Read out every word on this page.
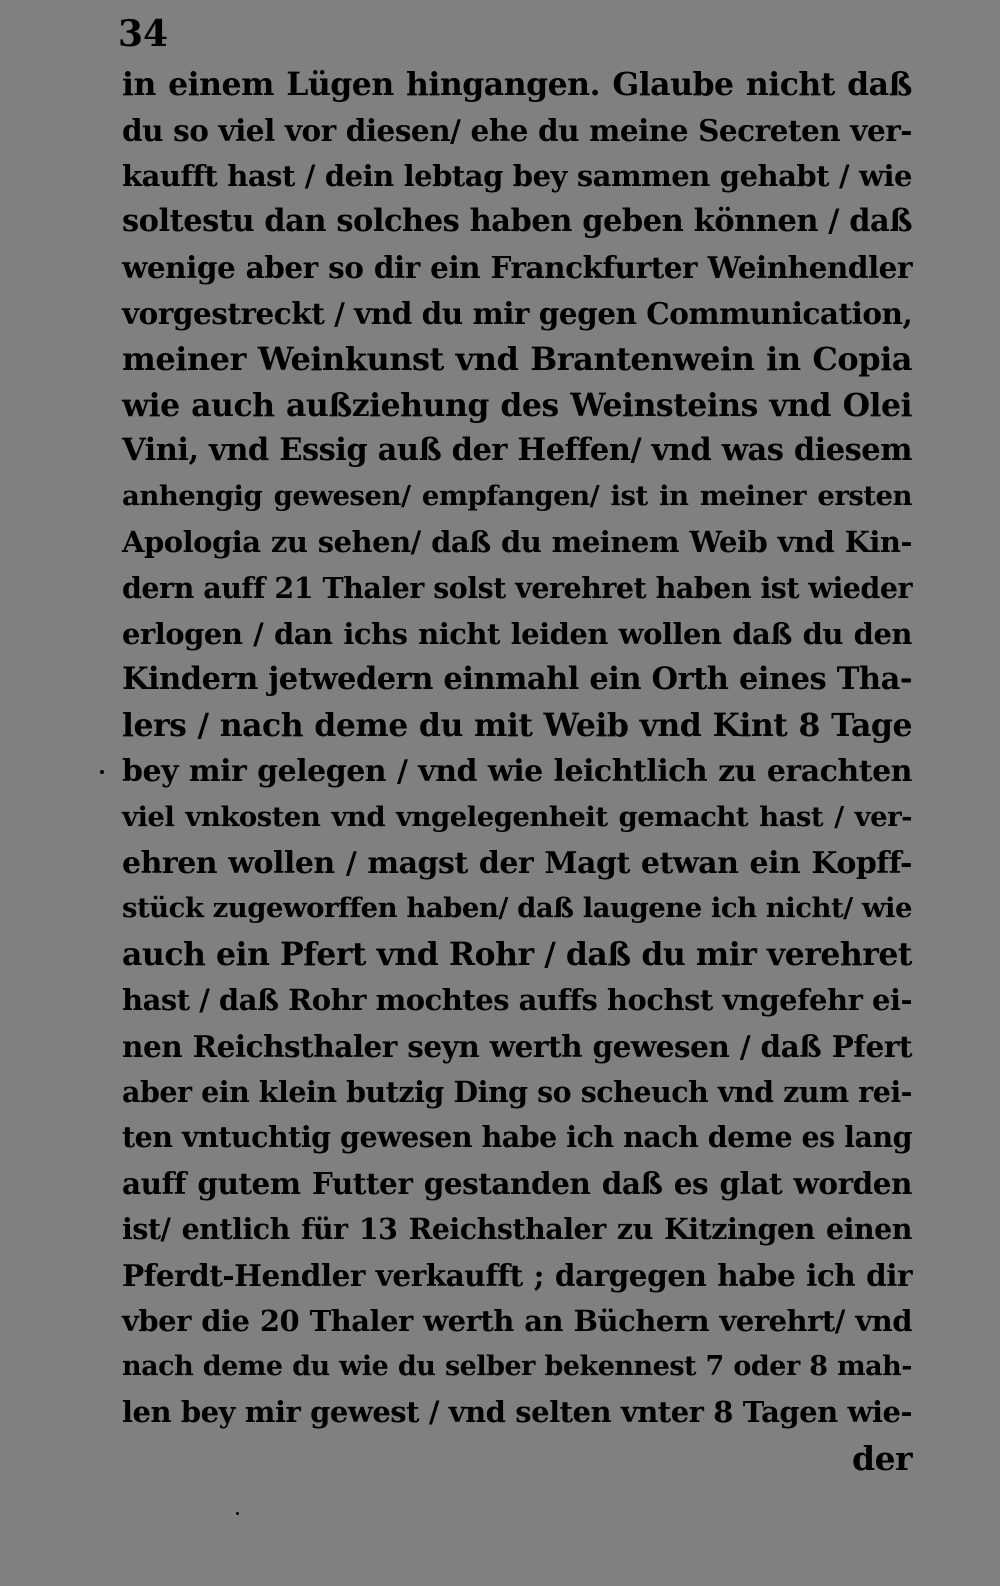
34
in einem Lügen hingangen. Glaube nicht daß
du so viel vor diesen/ ehe du meine Secreten ver-
kaufft hast / dein lebtag bey sammen gehabt / wie
soltestu dan solches haben geben können / daß
wenige aber so dir ein Franckfurter Weinhendler
vorgestreckt / vnd du mir gegen Communication,
meiner Weinkunst vnd Brantenwein in Copia
wie auch außziehung des Weinsteins vnd Olei
Vini, vnd Essig auß der Heffen/ vnd was diesem
anhengig gewesen/ empfangen/ ist in meiner ersten
Apologia zu sehen/ daß du meinem Weib vnd Kin-
dern auff 21 Thaler solst verehret haben ist wieder
erlogen / dan ichs nicht leiden wollen daß du den
Kindern jetwedern einmahl ein Orth eines Tha-
lers / nach deme du mit Weib vnd Kint 8 Tage
bey mir gelegen / vnd wie leichtlich zu erachten
viel vnkosten vnd vngelegenheit gemacht hast / ver-
ehren wollen / magst der Magt etwan ein Kopff-
stück zugeworffen haben/ daß laugene ich nicht/ wie
auch ein Pfert vnd Rohr / daß du mir verehret
hast / daß Rohr mochtes auffs hochst vngefehr ei-
nen Reichsthaler seyn werth gewesen / daß Pfert
aber ein klein butzig Ding so scheuch vnd zum rei-
ten vntuchtig gewesen habe ich nach deme es lang
auff gutem Futter gestanden daß es glat worden
ist/ entlich für 13 Reichsthaler zu Kitzingen einen
Pferdt-Hendler verkaufft ; dargegen habe ich dir
vber die 20 Thaler werth an Büchern verehrt/ vnd
nach deme du wie du selber bekennest 7 oder 8 mah-
len bey mir gewest / vnd selten vnter 8 Tagen wie-
der
